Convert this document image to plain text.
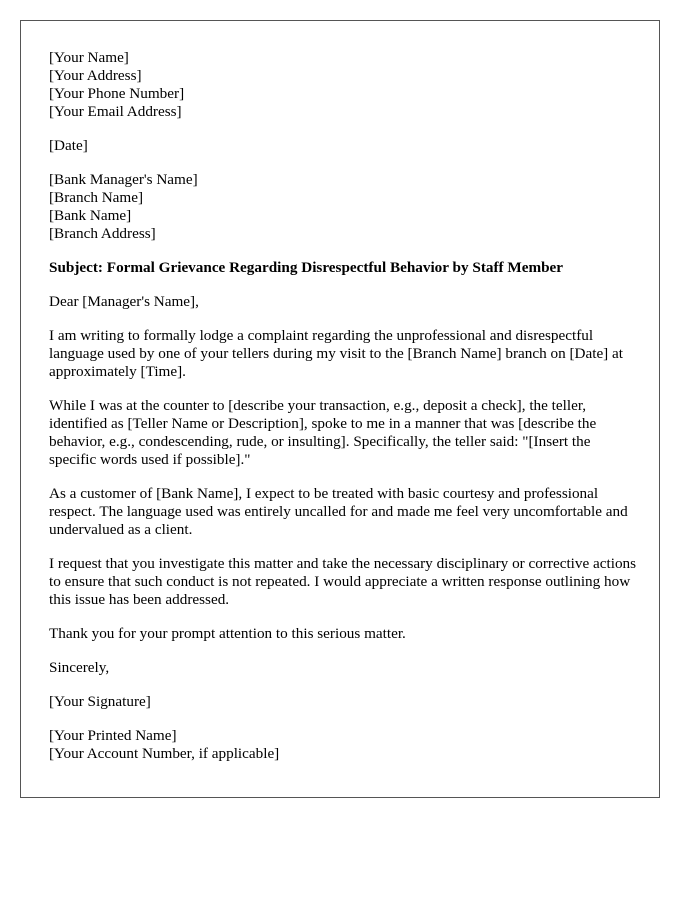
[Your Name]
[Your Address]
[Your Phone Number]
[Your Email Address]
[Date]
[Bank Manager's Name]
[Branch Name]
[Bank Name]
[Branch Address]
Subject: Formal Grievance Regarding Disrespectful Behavior by Staff Member

Dear [Manager's Name],

I am writing to formally lodge a complaint regarding the unprofessional and disrespectful language used by one of your tellers during my visit to the [Branch Name] branch on [Date] at approximately [Time].

While I was at the counter to [describe your transaction, e.g., deposit a check], the teller, identified as [Teller Name or Description], spoke to me in a manner that was [describe the behavior, e.g., condescending, rude, or insulting]. Specifically, the teller said: "[Insert the specific words used if possible]."

As a customer of [Bank Name], I expect to be treated with basic courtesy and professional respect. The language used was entirely uncalled for and made me feel very uncomfortable and undervalued as a client.

I request that you investigate this matter and take the necessary disciplinary or corrective actions to ensure that such conduct is not repeated. I would appreciate a written response outlining how this issue has been addressed.

Thank you for your prompt attention to this serious matter.

Sincerely,

[Your Signature]

[Your Printed Name]
[Your Account Number, if applicable]
